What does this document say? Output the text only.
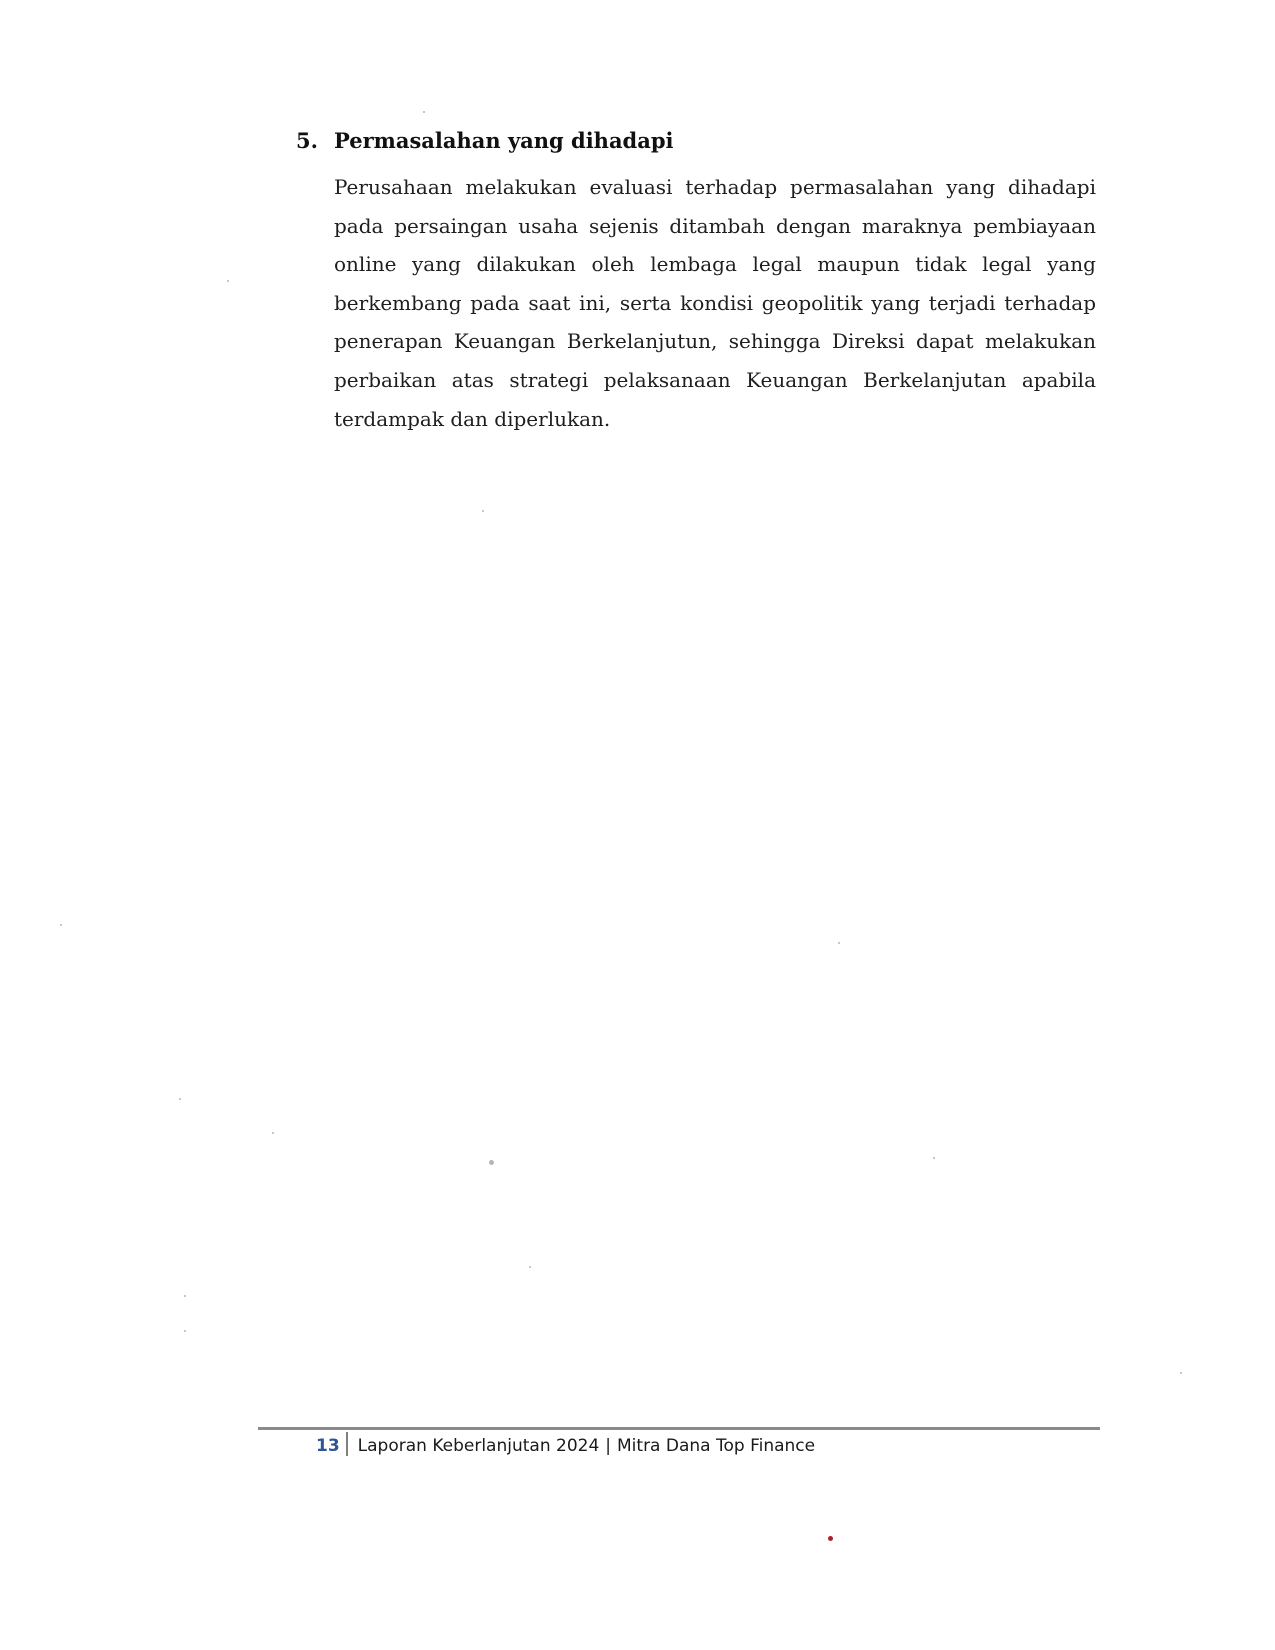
5. Permasalahan yang dihadapi

Perusahaan melakukan evaluasi terhadap permasalahan yang dihadapi pada persaingan usaha sejenis ditambah dengan maraknya pembiayaan online yang dilakukan oleh lembaga legal maupun tidak legal yang berkembang pada saat ini, serta kondisi geopolitik yang terjadi terhadap penerapan Keuangan Berkelanjutun, sehingga Direksi dapat melakukan perbaikan atas strategi pelaksanaan Keuangan Berkelanjutan apabila terdampak dan diperlukan.

13 Laporan Keberlanjutan 2024 | Mitra Dana Top Finance
